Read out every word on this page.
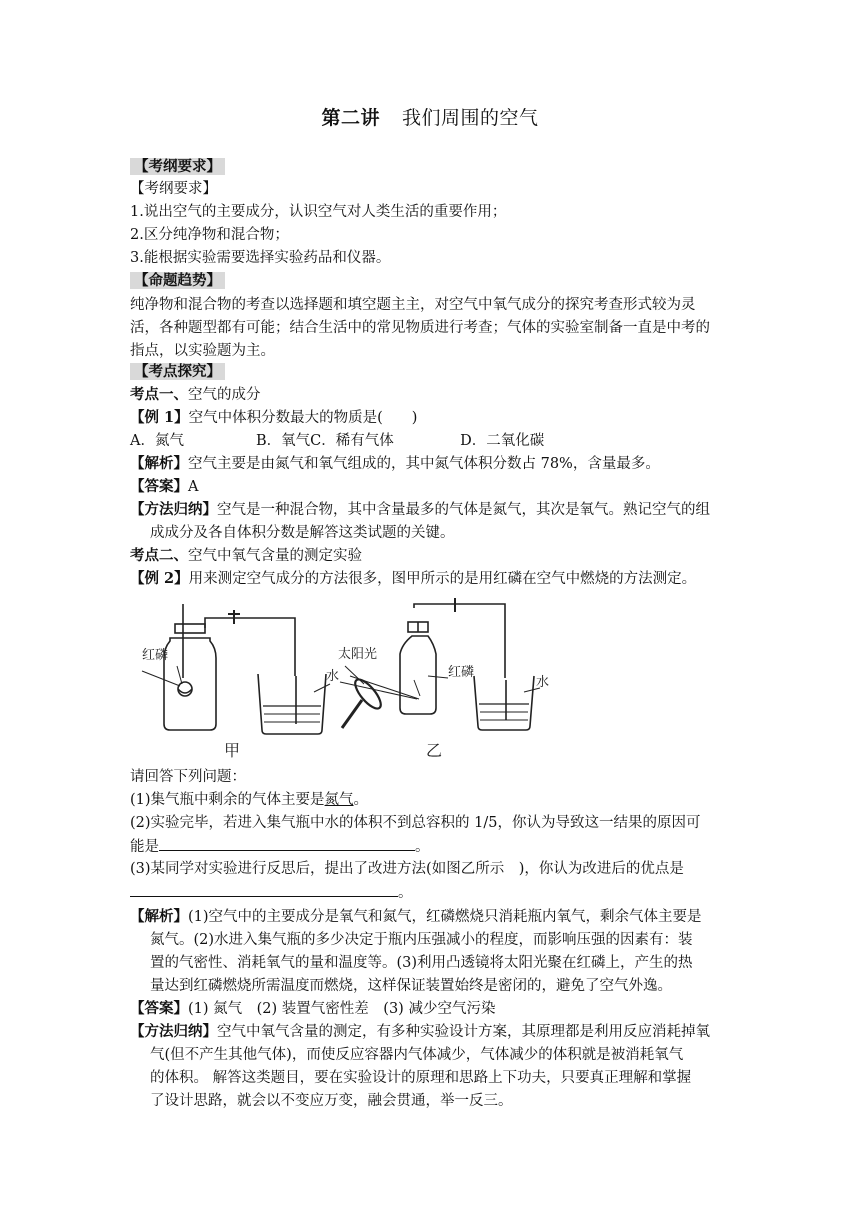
第二讲 我们周围的空气
【考纲要求】
【考纲要求】
1.说出空气的主要成分，认识空气对人类生活的重要作用；
2.区分纯净物和混合物；
3.能根据实验需要选择实验药品和仪器。
【命题趋势】
纯净物和混合物的考查以选择题和填空题主主，对空气中氧气成分的探究考查形式较为灵
活，各种题型都有可能；结合生活中的常见物质进行考查；气体的实验室制备一直是中考的
指点，以实验题为主。
【考点探究】
考点一、空气的成分
【例 1】空气中体积分数最大的物质是(　　)
A．氮气	B．氧气C．稀有气体	D．二氧化碳
【解析】空气主要是由氮气和氧气组成的，其中氮气体积分数占 78%，含量最多。
【答案】A
【方法归纳】空气是一种混合物，其中含量最多的气体是氮气，其次是氧气。熟记空气的组
成成分及各自体积分数是解答这类试题的关键。
考点二、空气中氧气含量的测定实验
【例 2】用来测定空气成分的方法很多，图甲所示的是用红磷在空气中燃烧的方法测定。
红磷
水
甲
太阳光
红磷
水
乙
请回答下列问题：
(1)集气瓶中剩余的气体主要是氮气。
(2)实验完毕，若进入集气瓶中水的体积不到总容积的 1/5，你认为导致这一结果的原因可
能是	。
(3)某同学对实验进行反思后，提出了改进方法(如图乙所示　)，你认为改进后的优点是
。
【解析】(1)空气中的主要成分是氧气和氮气，红磷燃烧只消耗瓶内氧气，剩余气体主要是
氮气。(2)水进入集气瓶的多少决定于瓶内压强减小的程度，而影响压强的因素有：装
置的气密性、消耗氧气的量和温度等。(3)利用凸透镜将太阳光聚在红磷上，产生的热
量达到红磷燃烧所需温度而燃烧，这样保证装置始终是密闭的，避免了空气外逸。
【答案】(1) 氮气　(2) 装置气密性差　(3) 减少空气污染
【方法归纳】空气中氧气含量的测定，有多种实验设计方案，其原理都是利用反应消耗掉氧
气(但不产生其他气体)，而使反应容器内气体减少，气体减少的体积就是被消耗氧气
的体积。 解答这类题目，要在实验设计的原理和思路上下功夫，只要真正理解和掌握
了设计思路，就会以不变应万变，融会贯通，举一反三。
